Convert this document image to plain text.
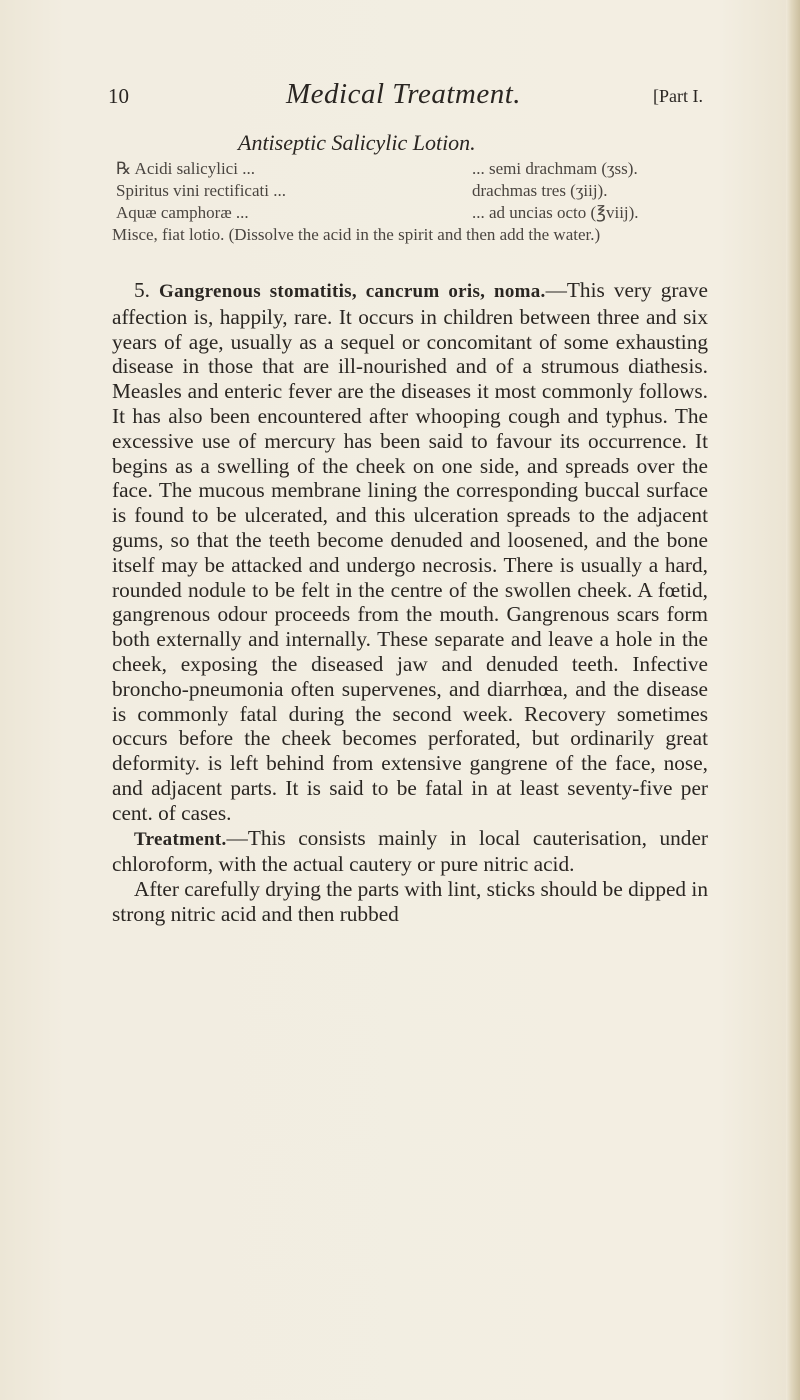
10	Medical Treatment.	[Part I.
Antiseptic Salicylic Lotion.
℞ Acidi salicylici ...	... semi drachmam (ʒss).
Spiritus vini rectificati ...	drachmas tres (ʒiij).
Aquæ camphoræ ...	... ad uncias octo (℥viij).
Misce, fiat lotio. (Dissolve the acid in the spirit and then add the water.)

5. Gangrenous stomatitis, cancrum oris, noma.—This very grave affection is, happily, rare. It occurs in children between three and six years of age, usually as a sequel or concomitant of some exhausting disease in those that are ill-nourished and of a strumous diathesis. Measles and enteric fever are the diseases it most commonly follows. It has also been encountered after whooping cough and typhus. The excessive use of mercury has been said to favour its occurrence. It begins as a swelling of the cheek on one side, and spreads over the face. The mucous membrane lining the corresponding buccal surface is found to be ulcerated, and this ulceration spreads to the adjacent gums, so that the teeth become denuded and loosened, and the bone itself may be attacked and undergo necrosis. There is usually a hard, rounded nodule to be felt in the centre of the swollen cheek. A fœtid, gangrenous odour proceeds from the mouth. Gangrenous scars form both externally and internally. These separate and leave a hole in the cheek, exposing the diseased jaw and denuded teeth. Infective broncho-pneumonia often supervenes, and diarrhœa, and the disease is commonly fatal during the second week. Recovery sometimes occurs before the cheek becomes perforated, but ordinarily great deformity. is left behind from extensive gangrene of the face, nose, and adjacent parts. It is said to be fatal in at least seventy-five per cent. of cases.

Treatment.—This consists mainly in local cauterisation, under chloroform, with the actual cautery or pure nitric acid.

After carefully drying the parts with lint, sticks should be dipped in strong nitric acid and then rubbed
